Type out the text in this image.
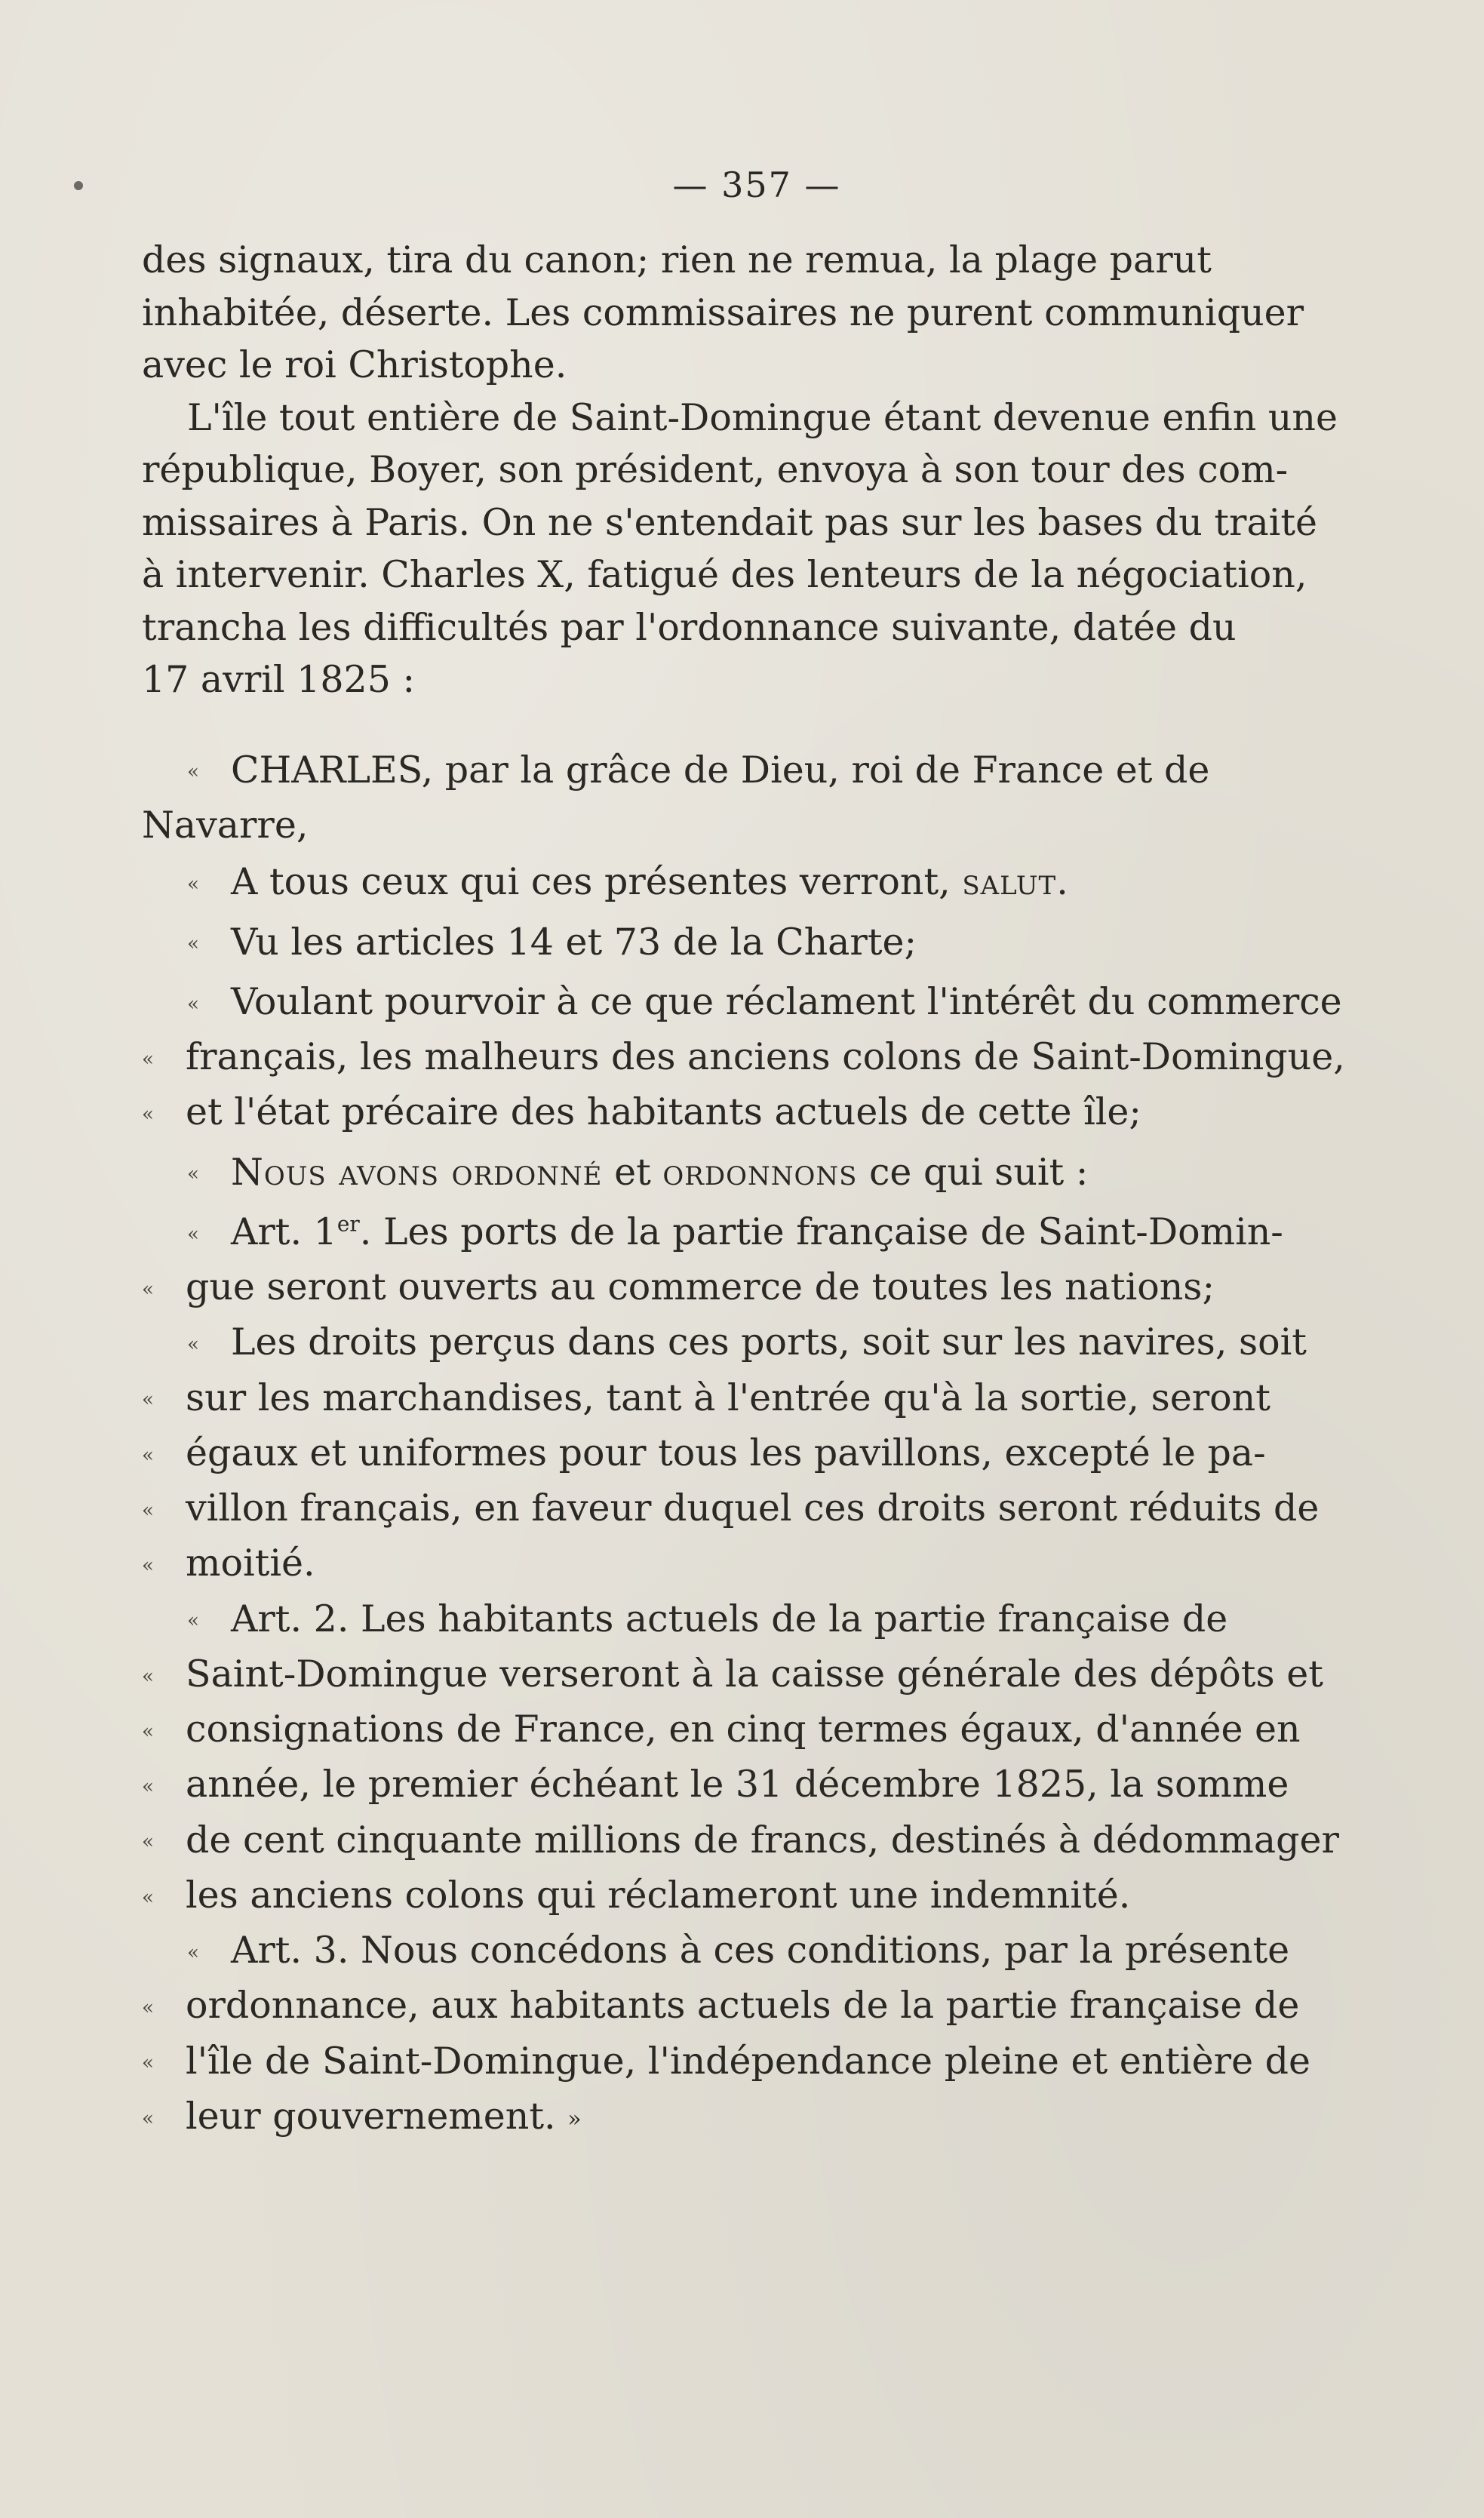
— 357 —
des signaux, tira du canon; rien ne remua, la plage parut
inhabitée, déserte. Les commissaires ne purent communiquer
avec le roi Christophe.
L'île tout entière de Saint-Domingue étant devenue enfin une
république, Boyer, son président, envoya à son tour des com-
missaires à Paris. On ne s'entendait pas sur les bases du traité
à intervenir. Charles X, fatigué des lenteurs de la négociation,
trancha les difficultés par l'ordonnance suivante, datée du
17 avril 1825 :
« CHARLES, par la grâce de Dieu, roi de France et de
Navarre,
« A tous ceux qui ces présentes verront, salut.
« Vu les articles 14 et 73 de la Charte;
« Voulant pourvoir à ce que réclament l'intérêt du commerce
« français, les malheurs des anciens colons de Saint-Domingue,
« et l'état précaire des habitants actuels de cette île;
« Nous avons ordonné et ordonnons ce qui suit :
« Art. 1er. Les ports de la partie française de Saint-Domin-
« gue seront ouverts au commerce de toutes les nations;
« Les droits perçus dans ces ports, soit sur les navires, soit
« sur les marchandises, tant à l'entrée qu'à la sortie, seront
« égaux et uniformes pour tous les pavillons, excepté le pa-
« villon français, en faveur duquel ces droits seront réduits de
« moitié.
« Art. 2. Les habitants actuels de la partie française de
« Saint-Domingue verseront à la caisse générale des dépôts et
« consignations de France, en cinq termes égaux, d'année en
« année, le premier échéant le 31 décembre 1825, la somme
« de cent cinquante millions de francs, destinés à dédommager
« les anciens colons qui réclameront une indemnité.
« Art. 3. Nous concédons à ces conditions, par la présente
« ordonnance, aux habitants actuels de la partie française de
« l'île de Saint-Domingue, l'indépendance pleine et entière de
« leur gouvernement. »
